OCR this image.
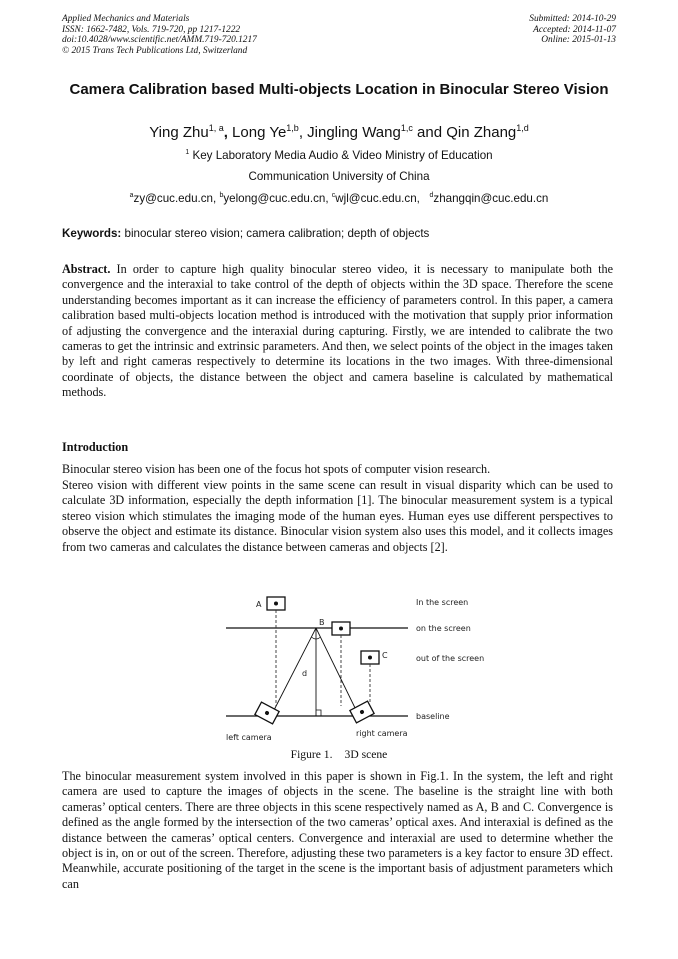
Applied Mechanics and Materials
ISSN: 1662-7482, Vols. 719-720, pp 1217-1222
doi:10.4028/www.scientific.net/AMM.719-720.1217
© 2015 Trans Tech Publications Ltd, Switzerland
Submitted: 2014-10-29
Accepted: 2014-11-07
Online: 2015-01-13
Camera Calibration based Multi-objects Location in Binocular Stereo Vision
Ying Zhu$^{1, a}$, Long Ye$^{1,b}$, Jingling Wang$^{1,c}$ and Qin Zhang$^{1,d}$
$^1$ Key Laboratory Media Audio & Video Ministry of Education
Communication University of China
$^a$zy@cuc.edu.cn, $^b$yelong@cuc.edu.cn, $^c$wjl@cuc.edu.cn, $^d$zhangqin@cuc.edu.cn
Keywords: binocular stereo vision; camera calibration; depth of objects
Abstract. In order to capture high quality binocular stereo video, it is necessary to manipulate both the convergence and the interaxial to take control of the depth of objects within the 3D space. Therefore the scene understanding becomes important as it can increase the efficiency of parameters control. In this paper, a camera calibration based multi-objects location method is introduced with the motivation that supply prior information of adjusting the convergence and the interaxial during capturing. Firstly, we are intended to calibrate the two cameras to get the intrinsic and extrinsic parameters. And then, we select points of the object in the images taken by left and right cameras respectively to determine its locations in the two images. With three-dimensional coordinate of objects, the distance between the object and camera baseline is calculated by mathematical methods.
Introduction
Binocular stereo vision has been one of the focus hot spots of computer vision research.
Stereo vision with different view points in the same scene can result in visual disparity which can be used to calculate 3D information, especially the depth information [1]. The binocular measurement system is a typical stereo vision which stimulates the imaging mode of the human eyes. Human eyes use different perspectives to observe the object and estimate its distance. Binocular vision system also uses this model, and it collects images from two cameras and calculates the distance between cameras and objects [2].
A
B
C
d
left camera	right camera
In the screen
on the screen
out of the screen
baseline
Figure 1. 3D scene
The binocular measurement system involved in this paper is shown in Fig.1. In the system, the left and right camera are used to capture the images of objects in the scene. The baseline is the straight line with both cameras’ optical centers. There are three objects in this scene respectively named as A, B and C. Convergence is defined as the angle formed by the intersection of the two cameras’ optical axes. And interaxial is defined as the distance between the cameras’ optical centers. Convergence and interaxial are used to determine whether the object is in, on or out of the screen. Therefore, adjusting these two parameters is a key factor to ensure 3D effect. Meanwhile, accurate positioning of the target in the scene is the important basis of adjustment parameters which can
